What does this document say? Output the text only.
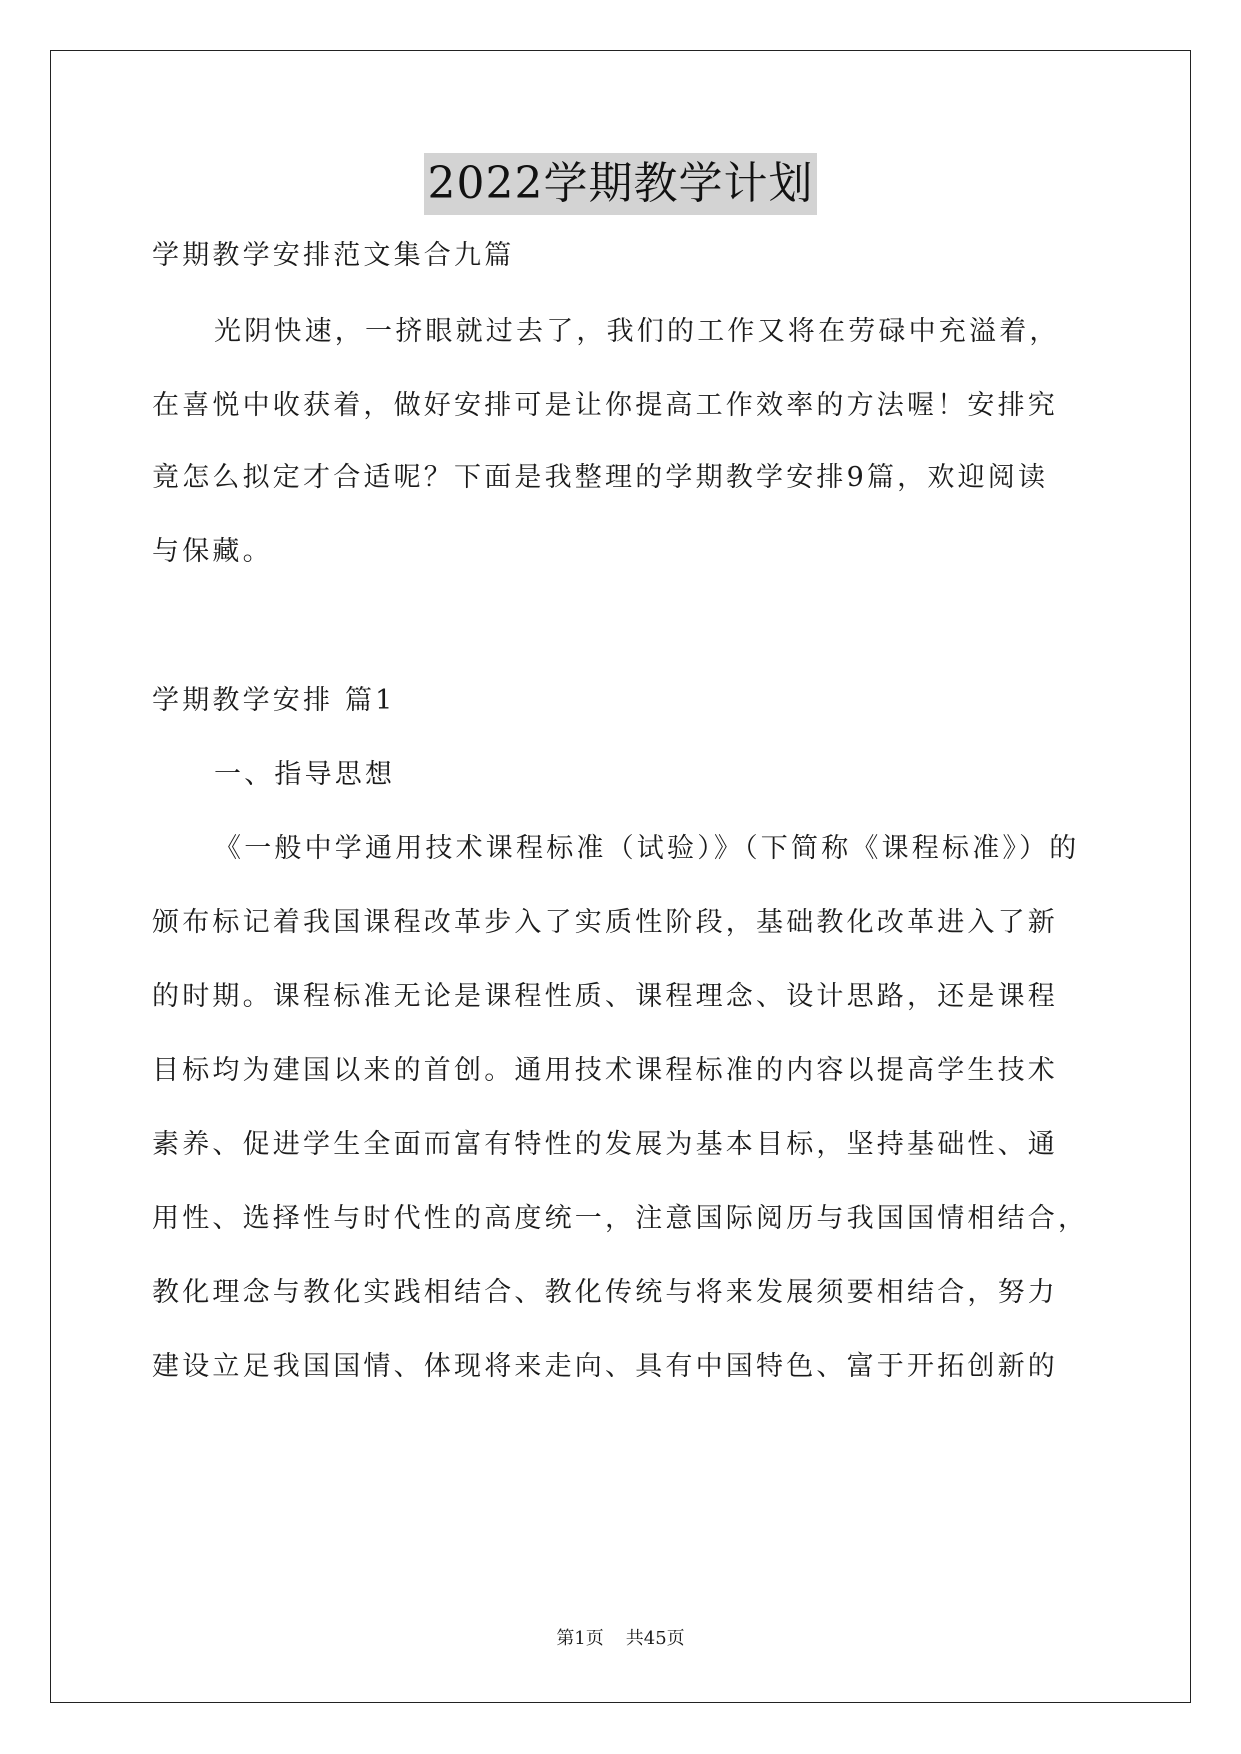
2022学期教学计划
学期教学安排范文集合九篇
光阴快速，一挤眼就过去了，我们的工作又将在劳碌中充溢着，
在喜悦中收获着，做好安排可是让你提高工作效率的方法喔！安排究
竟怎么拟定才合适呢？下面是我整理的学期教学安排9篇，欢迎阅读
与保藏。
学期教学安排 篇1
一、指导思想
《一般中学通用技术课程标准（试验）》（下简称《课程标准》）的
颁布标记着我国课程改革步入了实质性阶段，基础教化改革进入了新
的时期。课程标准无论是课程性质、课程理念、设计思路，还是课程
目标均为建国以来的首创。通用技术课程标准的内容以提高学生技术
素养、促进学生全面而富有特性的发展为基本目标，坚持基础性、通
用性、选择性与时代性的高度统一，注意国际阅历与我国国情相结合，
教化理念与教化实践相结合、教化传统与将来发展须要相结合，努力
建设立足我国国情、体现将来走向、具有中国特色、富于开拓创新的
第1页 共45页
